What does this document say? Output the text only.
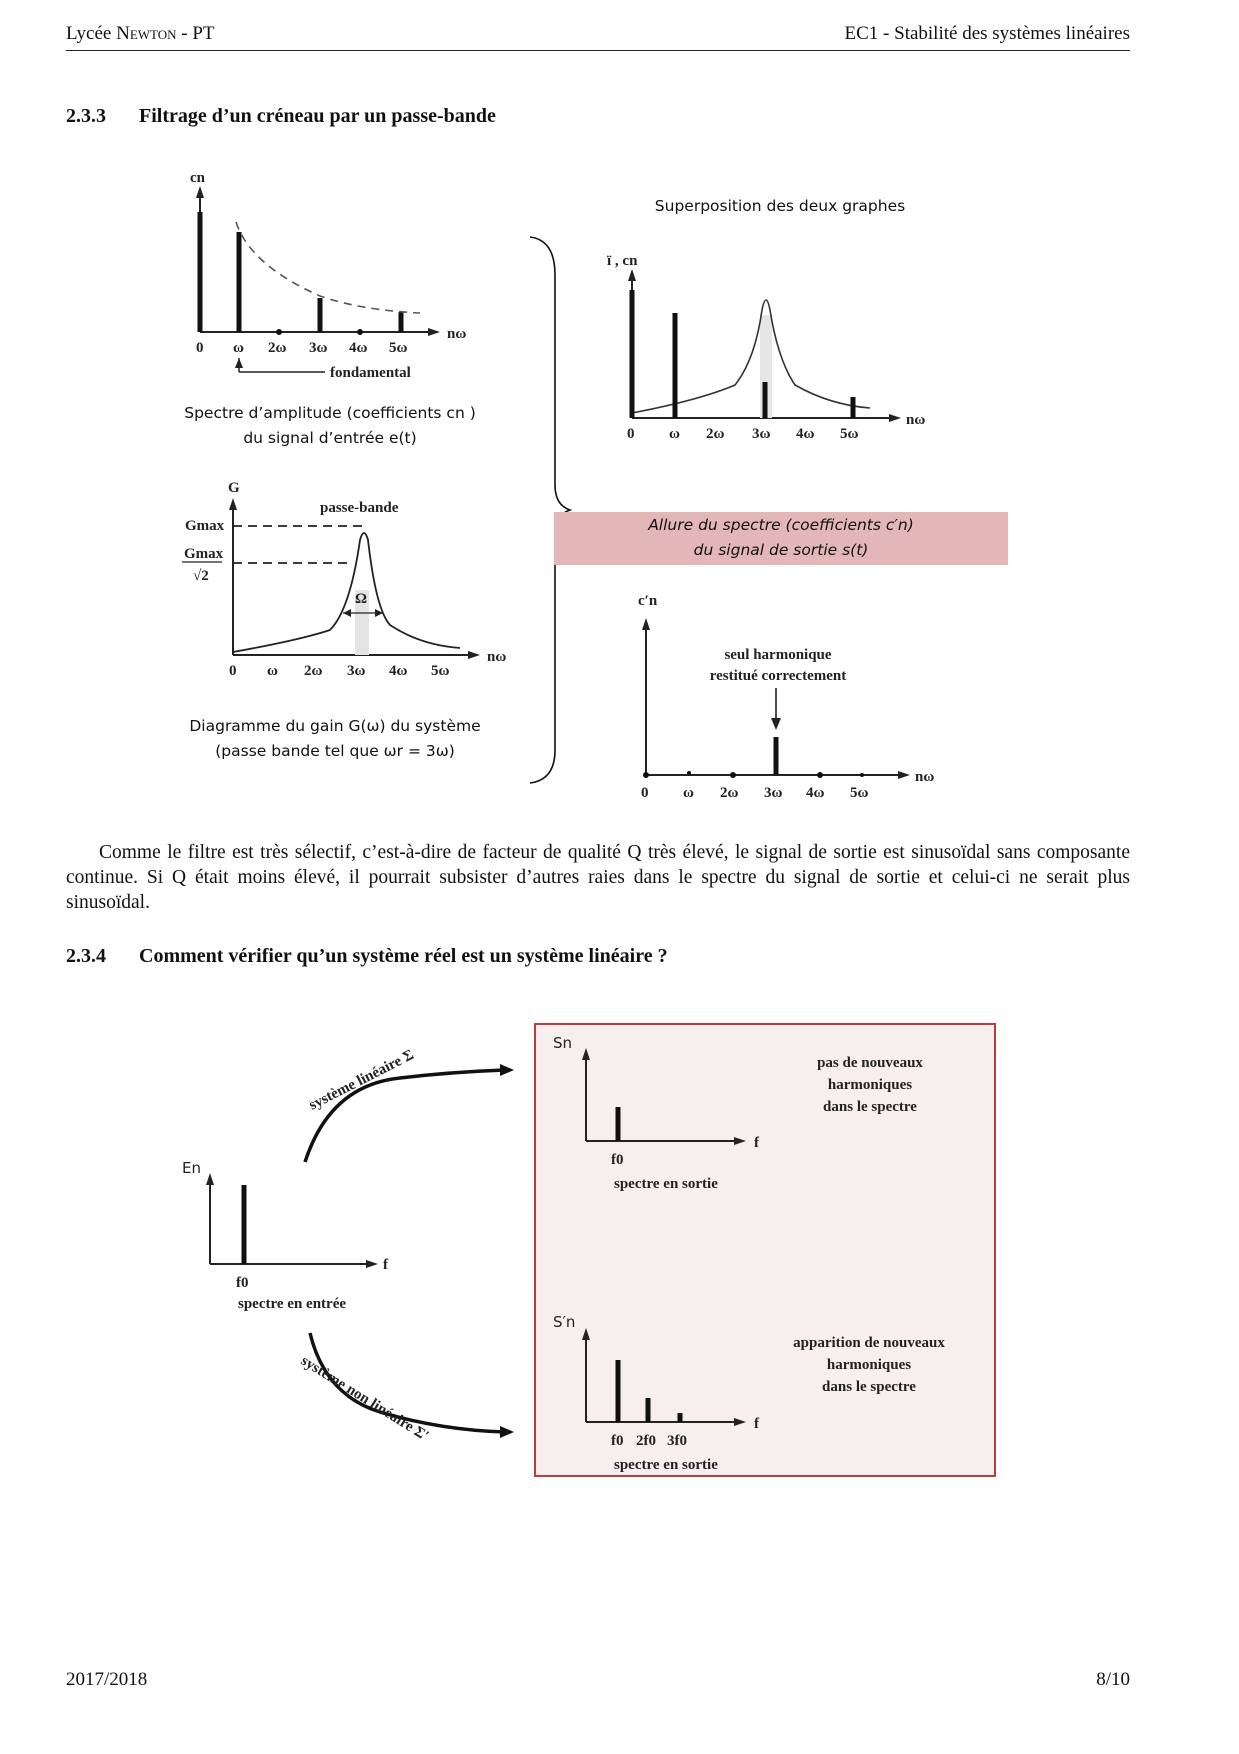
Lycée Newton - PT	EC1 - Stabilité des systèmes linéaires
2.3.3 Filtrage d’un créneau par un passe-bande
cn
nω
0 ω 2ω 3ω 4ω 5ω
fondamental
G
nω
Gmax
Gmax
√2
passe-bande
Ω
0 ω 2ω 3ω 4ω 5ω
ï , cn
nω
0 ω 2ω 3ω 4ω 5ω
c′n
nω
seul harmonique
restitué correctement
0 ω 2ω 3ω 4ω 5ω
Spectre d’amplitude (coefficients cn )
du signal d’entrée e(t)
Diagramme du gain G(ω) du système
(passe bande tel que ωr = 3ω)
Superposition des deux graphes
Allure du spectre (coefficients c′n)
du signal de sortie s(t)
Comme le filtre est très sélectif, c’est-à-dire de facteur de qualité Q très élevé, le signal de sortie est sinusoïdal sans composante continue. Si Q était moins élevé, il pourrait subsister d’autres raies dans le spectre du signal de sortie et celui-ci ne serait plus sinusoïdal.
2.3.4 Comment vérifier qu’un système réel est un système linéaire ?
En
f
f0
spectre en entrée
système linéaire Σ
système non linéaire Σ′
Sn
f
f0
spectre en sortie
pas de nouveaux
harmoniques
dans le spectre
S′n
f
f0 2f0 3f0
spectre en sortie
apparition de nouveaux
harmoniques
dans le spectre
2017/2018	8/10
